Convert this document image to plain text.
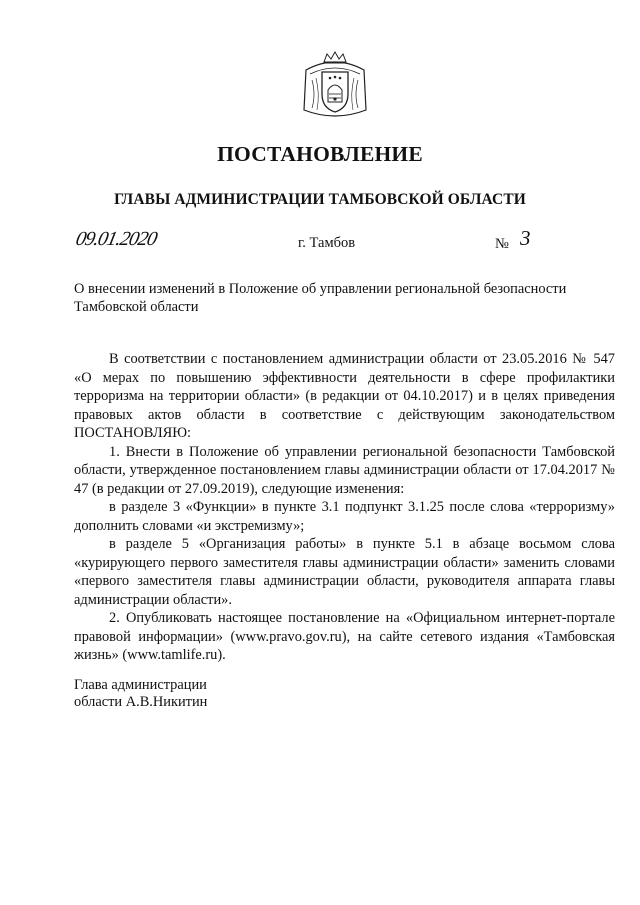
ПОСТАНОВЛЕНИЕ
ГЛАВЫ АДМИНИСТРАЦИИ ТАМБОВСКОЙ ОБЛАСТИ
09.01.2020	г. Тамбов	№ 3
О внесении изменений в Положение об управлении региональной безопасности Тамбовской области

В соответствии с постановлением администрации области от 23.05.2016 № 547 «О мерах по повышению эффективности деятельности в сфере профилактики терроризма на территории области» (в редакции от 04.10.2017) и в целях приведения правовых актов области в соответствие с действующим законодательством ПОСТАНОВЛЯЮ:

1. Внести в Положение об управлении региональной безопасности Тамбовской области, утвержденное постановлением главы администрации области от 17.04.2017 № 47 (в редакции от 27.09.2019), следующие изменения:

в разделе 3 «Функции» в пункте 3.1 подпункт 3.1.25 после слова «терроризму» дополнить словами «и экстремизму»;

в разделе 5 «Организация работы» в пункте 5.1 в абзаце восьмом слова «курирующего первого заместителя главы администрации области» заменить словами «первого заместителя главы администрации области, руководителя аппарата главы администрации области».

2. Опубликовать настоящее постановление на «Официальном интернет-портале правовой информации» (www.pravo.gov.ru), на сайте сетевого издания «Тамбовская жизнь» (www.tamlife.ru).

Глава администрации
области А.В.Никитин
